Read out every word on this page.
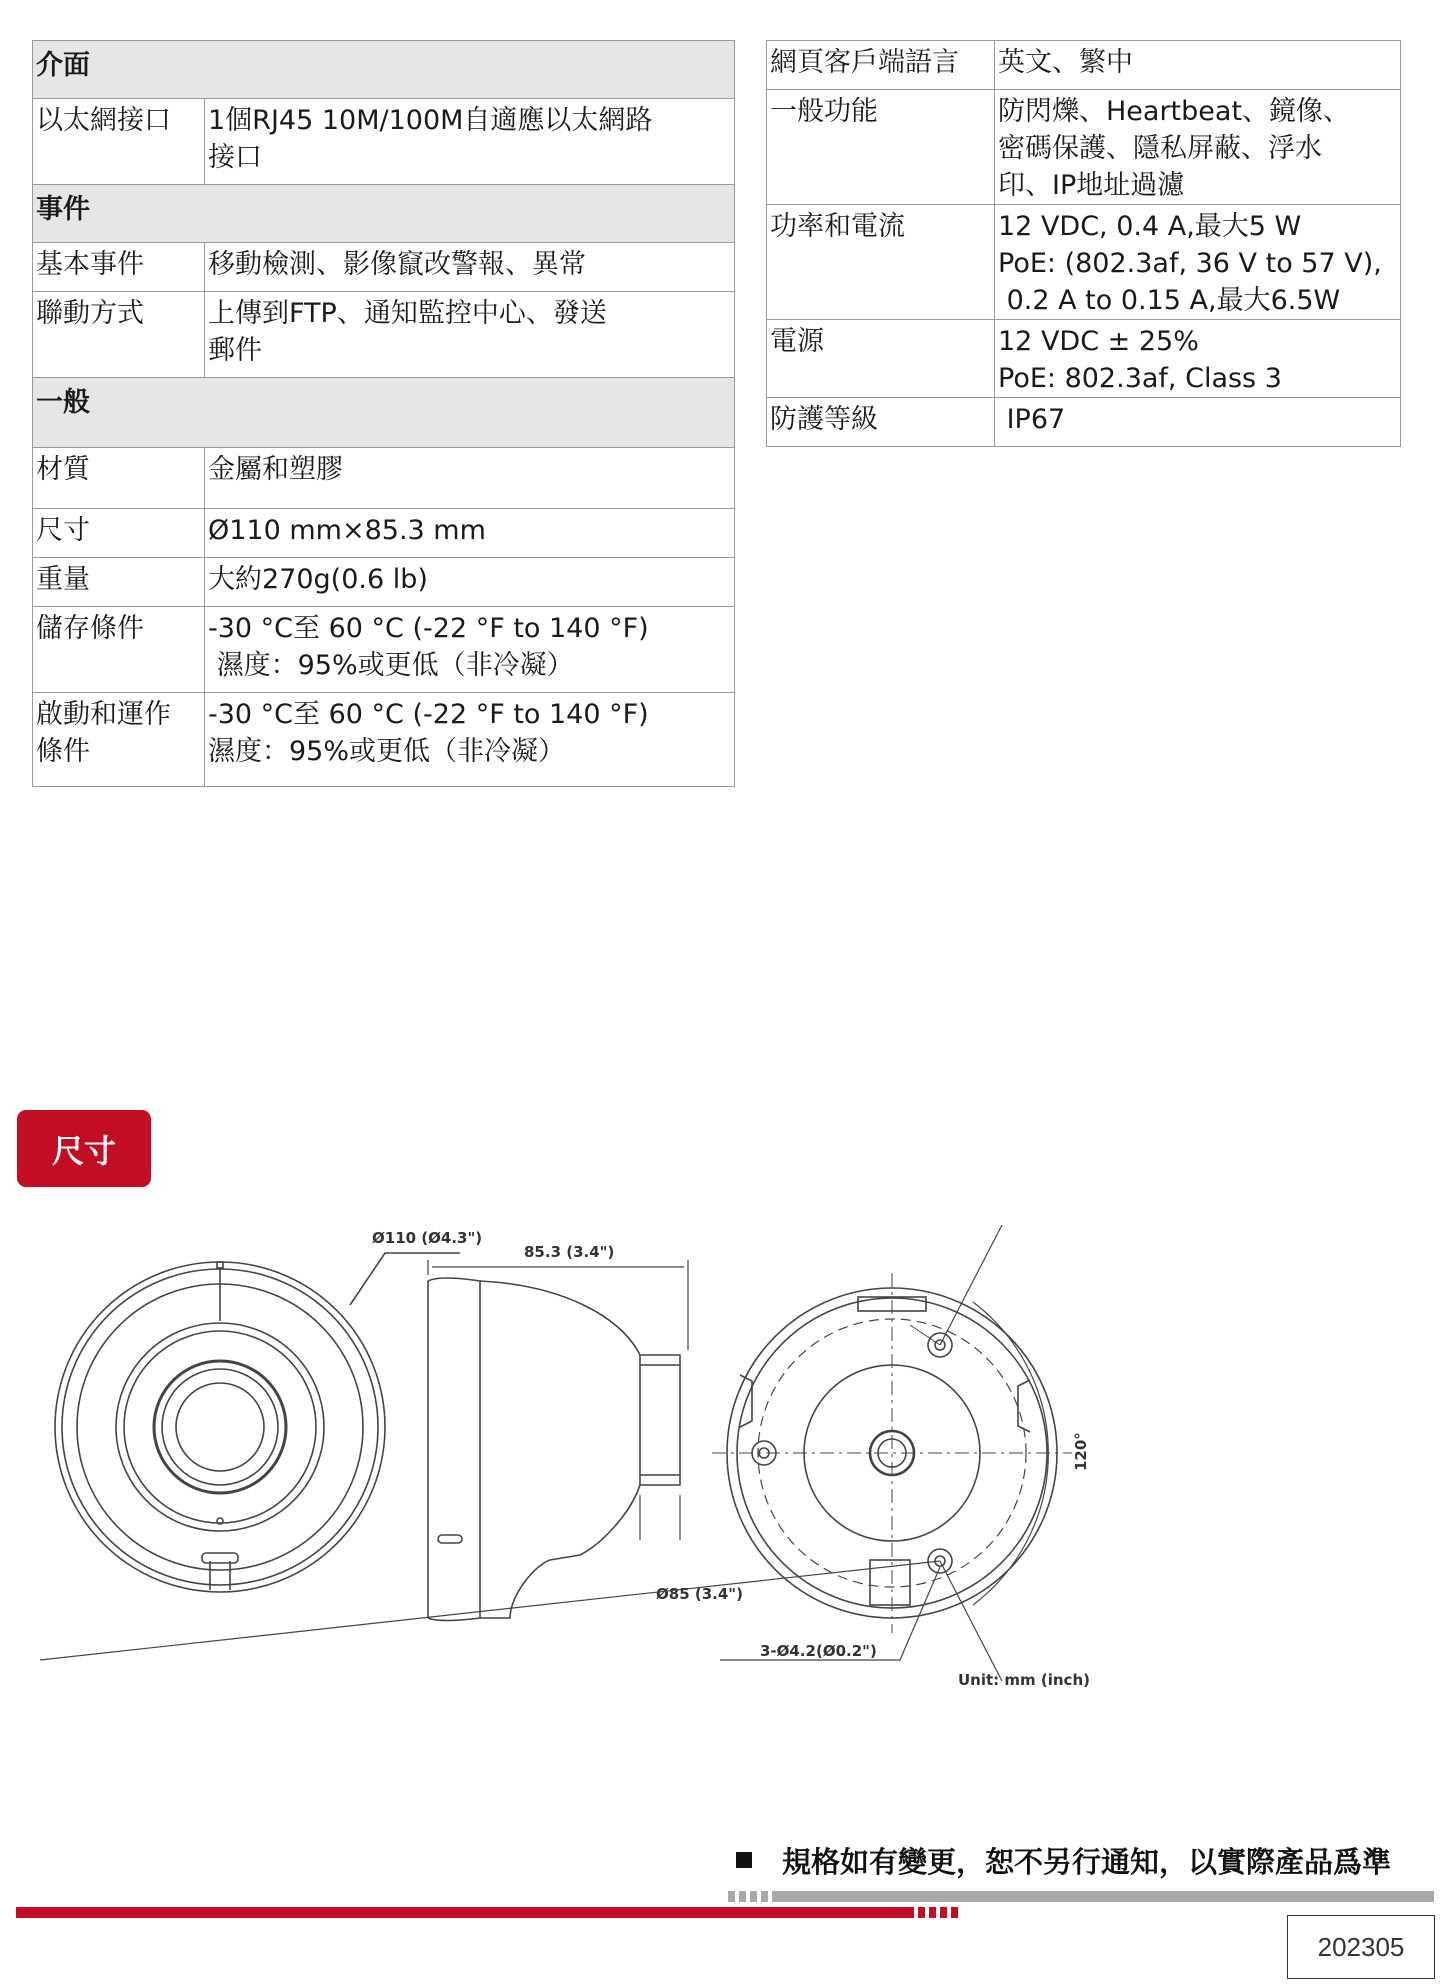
介面	
以太網接口	1個RJ45 10M/100M自適應以太網路
接口

事件	
基本事件	移動檢測、影像竄改警報、異常

聯動方式	上傳到FTP、通知監控中心、發送
郵件

一般	
材質	金屬和塑膠

尺寸	Ø110 mm×85.3 mm

重量	大約270g(0.6 lb)

儲存條件	-30 °C至 60 °C (-22 °F to 140 °F)
濕度：95%或更低（非冷凝）

啟動和運作
條件	-30 °C至 60 °C (-22 °F to 140 °F)
濕度：95%或更低（非冷凝）
網頁客戶端語言	英文、繁中

一般功能	防閃爍、Heartbeat、鏡像、
密碼保護、隱私屏蔽、浮水
印、IP地址過濾

功率和電流	12 VDC, 0.4 A,最大5 W
PoE: (802.3af, 36 V to 57 V),
0.2 A to 0.15 A,最大6.5W

電源	12 VDC ± 25%
PoE: 802.3af, Class 3

防護等級	IP67
尺寸
Ø110 (Ø4.3")
85.3 (3.4")
Ø85 (3.4")
120°
3-Ø4.2(Ø0.2")
Unit: mm (inch)
規格如有變更，恕不另行通知，以實際產品爲準
202305
